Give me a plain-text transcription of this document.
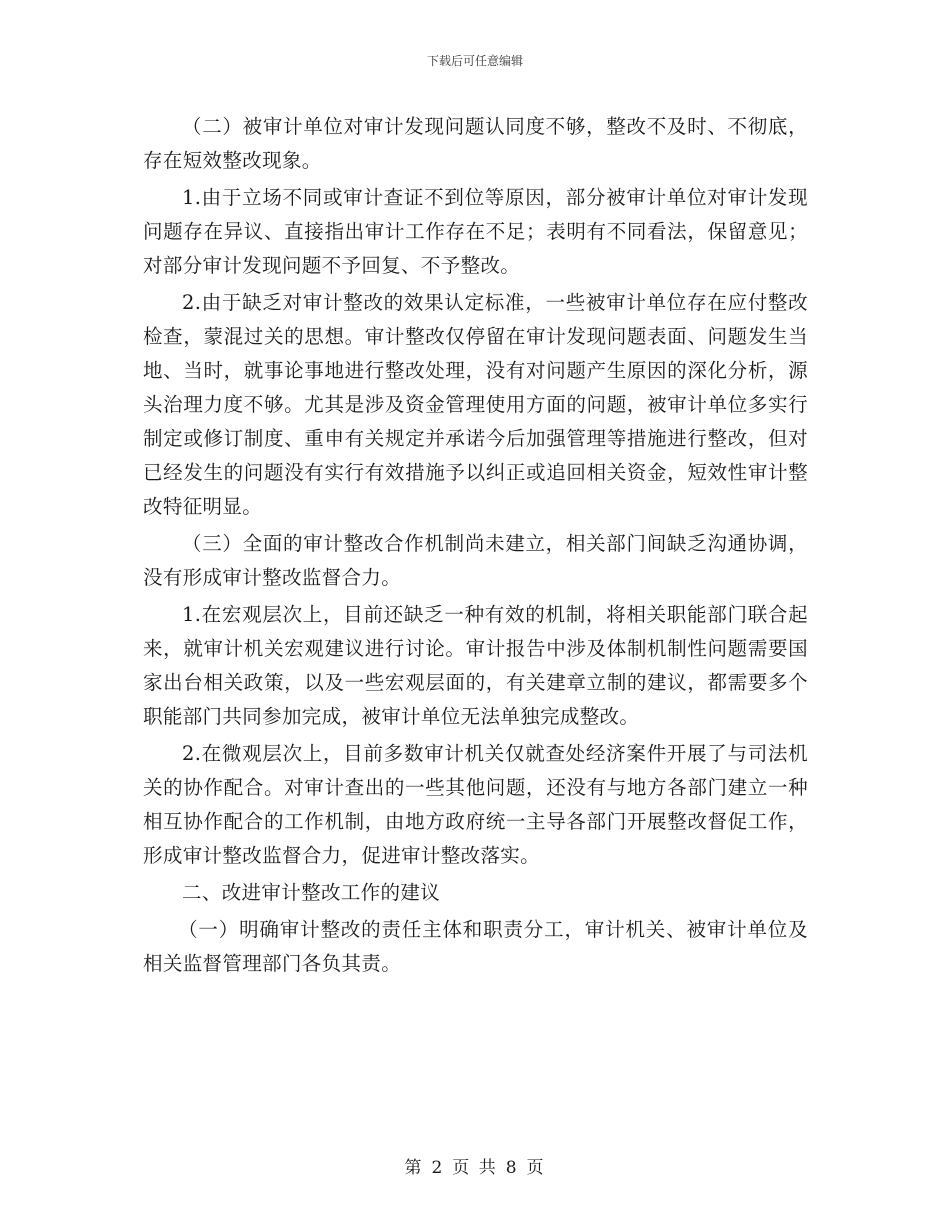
下载后可任意编辑

（二）被审计单位对审计发现问题认同度不够，整改不及时、不彻底，存在短效整改现象。

1.由于立场不同或审计查证不到位等原因，部分被审计单位对审计发现问题存在异议、直接指出审计工作存在不足；表明有不同看法，保留意见；对部分审计发现问题不予回复、不予整改。

2.由于缺乏对审计整改的效果认定标准，一些被审计单位存在应付整改检查，蒙混过关的思想。审计整改仅停留在审计发现问题表面、问题发生当地、当时，就事论事地进行整改处理，没有对问题产生原因的深化分析，源头治理力度不够。尤其是涉及资金管理使用方面的问题，被审计单位多实行制定或修订制度、重申有关规定并承诺今后加强管理等措施进行整改，但对已经发生的问题没有实行有效措施予以纠正或追回相关资金，短效性审计整改特征明显。

（三）全面的审计整改合作机制尚未建立，相关部门间缺乏沟通协调，没有形成审计整改监督合力。

1.在宏观层次上，目前还缺乏一种有效的机制，将相关职能部门联合起来，就审计机关宏观建议进行讨论。审计报告中涉及体制机制性问题需要国家出台相关政策，以及一些宏观层面的，有关建章立制的建议，都需要多个职能部门共同参加完成，被审计单位无法单独完成整改。

2.在微观层次上，目前多数审计机关仅就查处经济案件开展了与司法机关的协作配合。对审计查出的一些其他问题，还没有与地方各部门建立一种相互协作配合的工作机制，由地方政府统一主导各部门开展整改督促工作，形成审计整改监督合力，促进审计整改落实。

二、改进审计整改工作的建议

（一）明确审计整改的责任主体和职责分工，审计机关、被审计单位及相关监督管理部门各负其责。

第 2 页 共 8 页
